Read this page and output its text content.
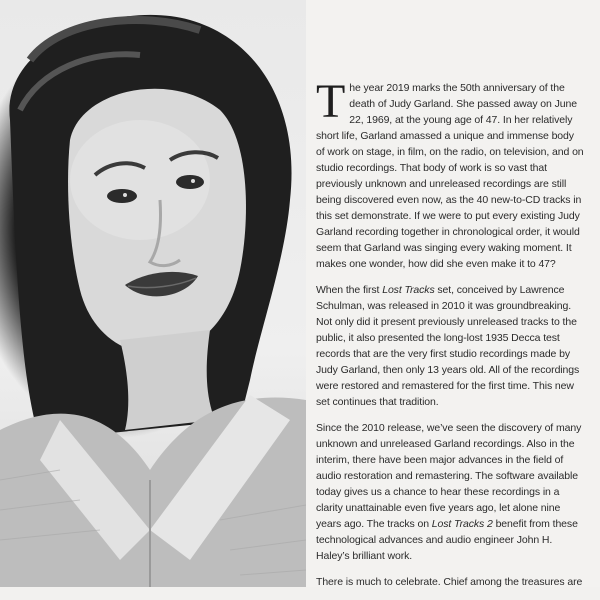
The year 2019 marks the 50th anniversary of the death of Judy Garland. She passed away on June 22, 1969, at the young age of 47. In her relatively short life, Garland amassed a unique and immense body of work on stage, in film, on the radio, on television, and on studio recordings. That body of work is so vast that previously unknown and unreleased recordings are still being discovered even now, as the 40 new-to-CD tracks in this set demonstrate. If we were to put every existing Judy Garland recording together in chronological order, it would seem that Garland was singing every waking moment. It makes one wonder, how did she even make it to 47?

When the first Lost Tracks set, conceived by Lawrence Schulman, was released in 2010 it was groundbreaking. Not only did it present previously unreleased tracks to the public, it also presented the long-lost 1935 Decca test records that are the very first studio recordings made by Judy Garland, then only 13 years old. All of the recordings were restored and remastered for the first time. This new set continues that tradition.

Since the 2010 release, we’ve seen the discovery of many unknown and unreleased Garland recordings. Also in the interim, there have been major advances in the field of audio restoration and remastering. The software available today gives us a chance to hear these recordings in a clarity unattainable even five years ago, let alone nine years ago. The tracks on Lost Tracks 2 benefit from these technological advances and audio engineer John H. Haley’s brilliant work.

There is much to celebrate. Chief among the treasures are
